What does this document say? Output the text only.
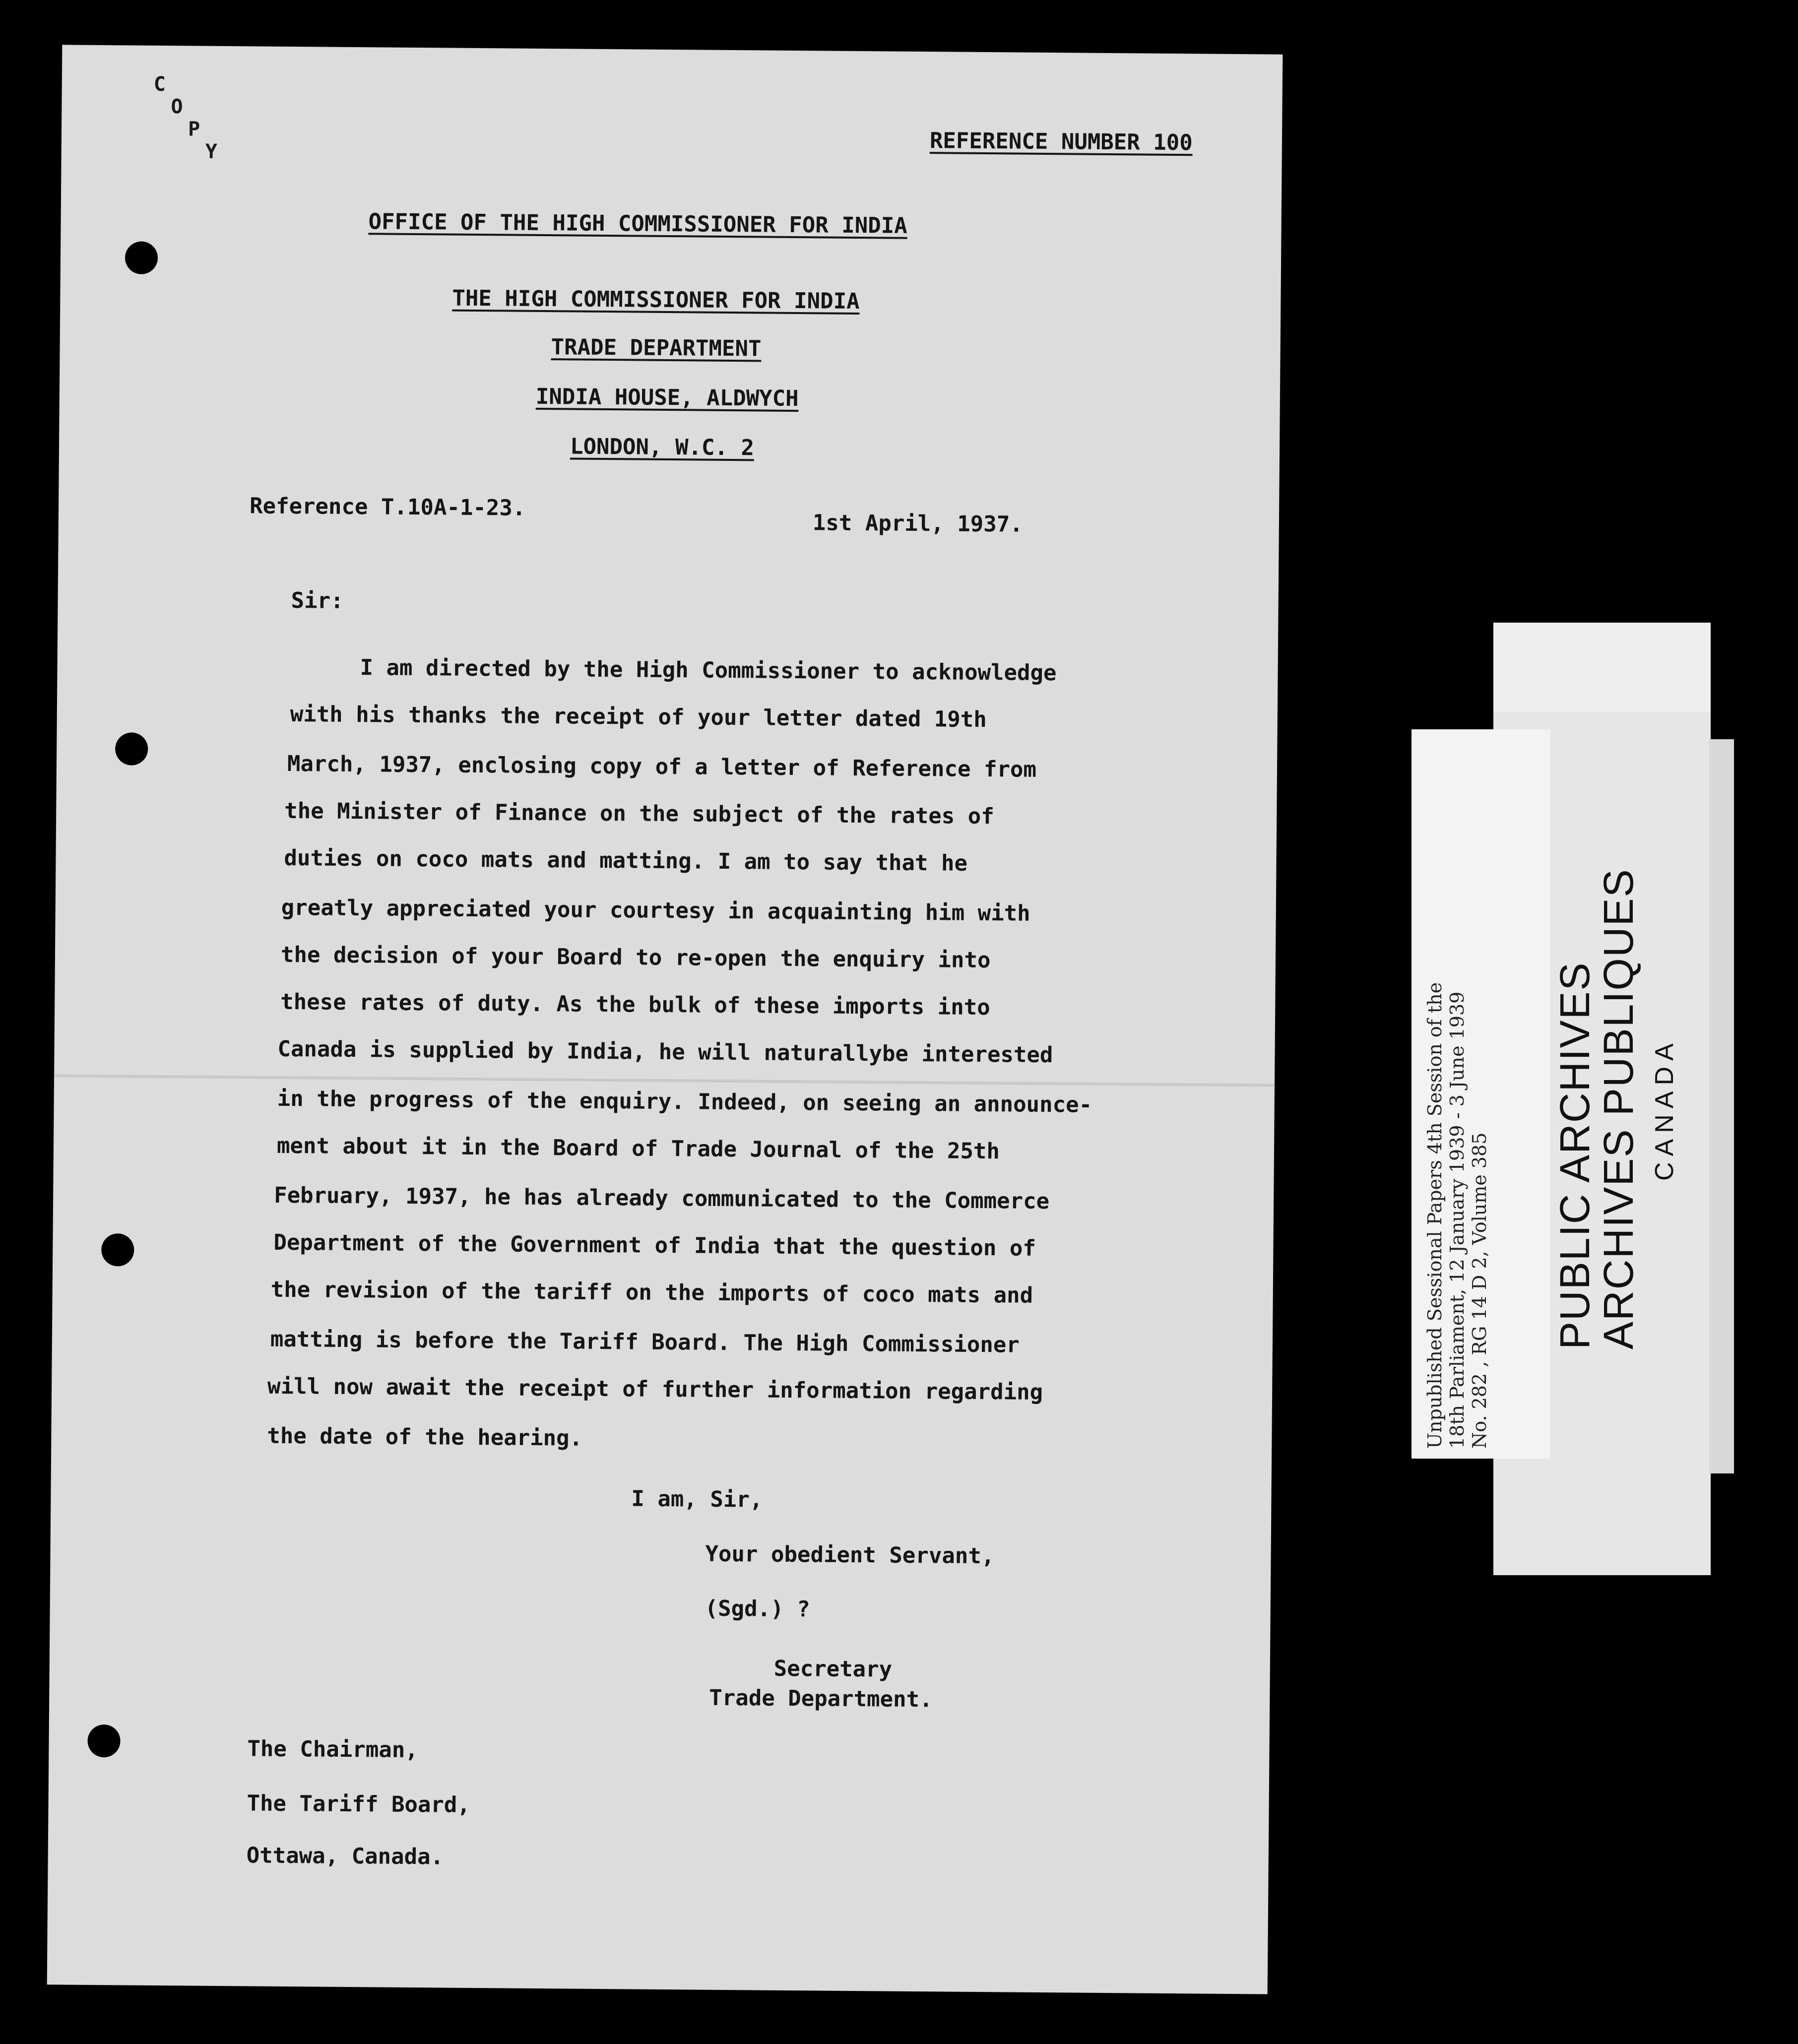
C
O
P
Y	REFERENCE NUMBER 100
OFFICE OF THE HIGH COMMISSIONER FOR INDIA
THE HIGH COMMISSIONER FOR INDIA
TRADE DEPARTMENT
INDIA HOUSE, ALDWYCH
LONDON, W.C. 2
Reference T.10A-1-23.
1st April, 1937.
Sir:
I am directed by the High Commissioner to acknowledge
with his thanks the receipt of your letter dated 19th
March, 1937, enclosing copy of a letter of Reference from
the Minister of Finance on the subject of the rates of
duties on coco mats and matting. I am to say that he
greatly appreciated your courtesy in acquainting him with
the decision of your Board to re-open the enquiry into
these rates of duty. As the bulk of these imports into
Canada is supplied by India, he will naturallybe interested
in the progress of the enquiry. Indeed, on seeing an announce-
ment about it in the Board of Trade Journal of the 25th
February, 1937, he has already communicated to the Commerce
Department of the Government of India that the question of
the revision of the tariff on the imports of coco mats and
matting is before the Tariff Board. The High Commissioner
will now await the receipt of further information regarding
the date of the hearing.
I am, Sir,
Your obedient Servant,
(Sgd.) ?
Secretary
Trade Department.
The Chairman,
The Tariff Board,
Ottawa, Canada.
Unpublished Sessional Papers 4th Session of the 18th Parliament, 12 January 1939 - 3 June 1939 No. 282 , RG 14 D 2, Volume 385 PUBLIC ARCHIVES
ARCHIVES PUBLIQUES CANADA
